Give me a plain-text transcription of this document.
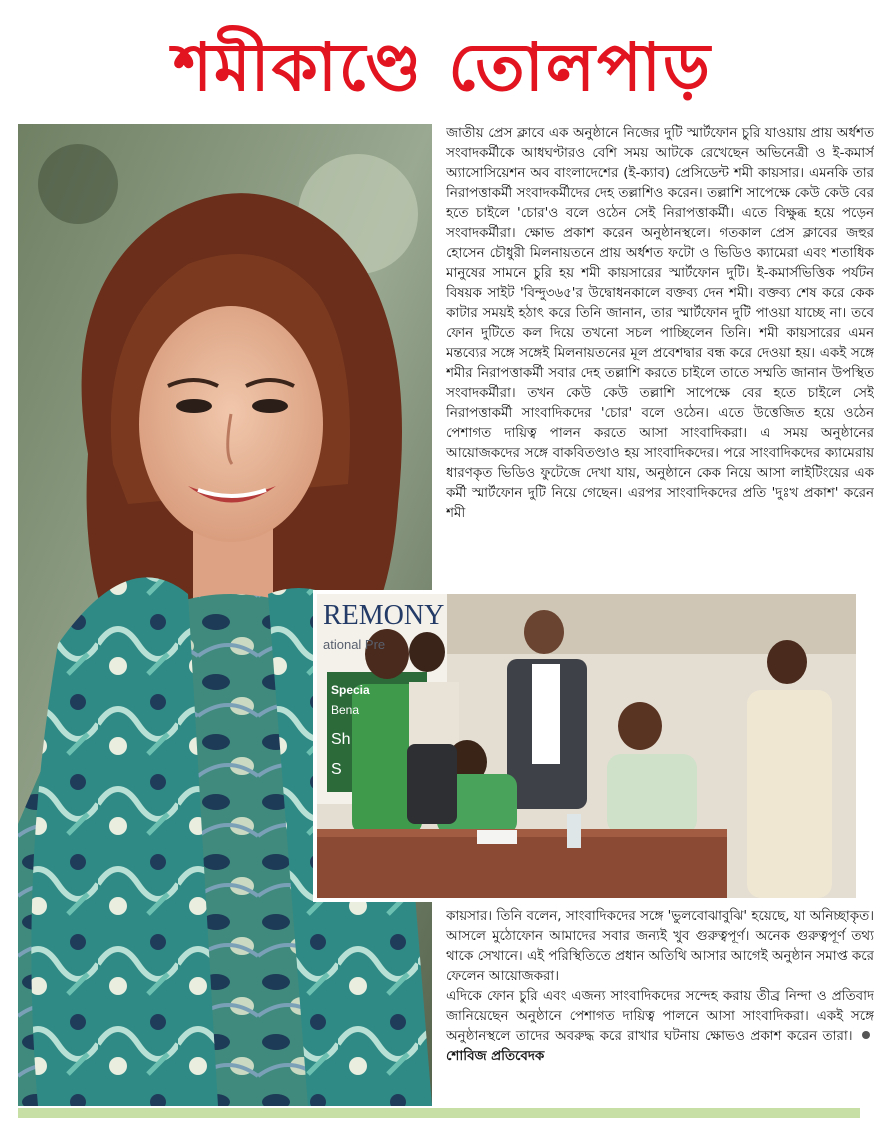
শমীকাণ্ডে তোলপাড়

জাতীয় প্রেস ক্লাবে এক অনুষ্ঠানে নিজের দুটি স্মার্টফোন চুরি যাওয়ায় প্রায় অর্ধশত সংবাদকর্মীকে আধঘণ্টারও বেশি সময় আটকে রেখেছেন অভিনেত্রী ও ই-কমার্স অ্যাসোসিয়েশন অব বাংলাদেশের (ই-ক্যাব) প্রেসিডেন্ট শমী কায়সার। এমনকি তার নিরাপত্তাকর্মী সংবাদকর্মীদের দেহ তল্লাশিও করেন। তল্লাশি সাপেক্ষে কেউ কেউ বের হতে চাইলে 'চোর'ও বলে ওঠেন সেই নিরাপত্তাকর্মী। এতে বিক্ষুব্ধ হয়ে পড়েন সংবাদকর্মীরা। ক্ষোভ প্রকাশ করেন অনুষ্ঠানস্থলে। গতকাল প্রেস ক্লাবের জহুর হোসেন চৌধুরী মিলনায়তনে প্রায় অর্ধশত ফটো ও ভিডিও ক্যামেরা এবং শতাধিক মানুষের সামনে চুরি হয় শমী কায়সারের স্মার্টফোন দুটি। ই-কমার্সভিত্তিক পর্যটন বিষয়ক সাইট 'বিন্দু৩৬৫'র উদ্বোধনকালে বক্তব্য দেন শমী। বক্তব্য শেষ করে কেক কাটার সময়ই হঠাৎ করে তিনি জানান, তার স্মার্টফোন দুটি পাওয়া যাচ্ছে না। তবে ফোন দুটিতে কল দিয়ে তখনো সচল পাচ্ছিলেন তিনি। শমী কায়সারের এমন মন্তব্যের সঙ্গে সঙ্গেই মিলনায়তনের মূল প্রবেশদ্বার বন্ধ করে দেওয়া হয়। একই সঙ্গে শমীর নিরাপত্তাকর্মী সবার দেহ তল্লাশি করতে চাইলে তাতে সম্মতি জানান উপস্থিত সংবাদকর্মীরা। তখন কেউ কেউ তল্লাশি সাপেক্ষে বের হতে চাইলে সেই নিরাপত্তাকর্মী সাংবাদিকদের 'চোর' বলে ওঠেন। এতে উত্তেজিত হয়ে ওঠেন পেশাগত দায়িত্ব পালন করতে আসা সাংবাদিকরা। এ সময় অনুষ্ঠানের আয়োজকদের সঙ্গে বাকবিতণ্ডাও হয় সাংবাদিকদের। পরে সাংবাদিকদের ক্যামেরায় ধারণকৃত ভিডিও ফুটেজে দেখা যায়, অনুষ্ঠানে কেক নিয়ে আসা লাইটিংয়ের এক কর্মী স্মার্টফোন দুটি নিয়ে গেছেন। এরপর সাংবাদিকদের প্রতি 'দুঃখ প্রকাশ' করেন শমী

REMONY
ational Pre
Specia
Bena
Sh
S

কায়সার। তিনি বলেন, সাংবাদিকদের সঙ্গে 'ভুলবোঝাবুঝি' হয়েছে, যা অনিচ্ছাকৃত। আসলে মুঠোফোন আমাদের সবার জন্যই খুব গুরুত্বপূর্ণ। অনেক গুরুত্বপূর্ণ তথ্য থাকে সেখানে। এই পরিস্থিতিতে প্রধান অতিথি আসার আগেই অনুষ্ঠান সমাপ্ত করে ফেলেন আয়োজকরা।

এদিকে ফোন চুরি এবং এজন্য সাংবাদিকদের সন্দেহ করায় তীব্র নিন্দা ও প্রতিবাদ জানিয়েছেন অনুষ্ঠানে পেশাগত দায়িত্ব পালনে আসা সাংবাদিকরা। একই সঙ্গে অনুষ্ঠানস্থলে তাদের অবরুদ্ধ করে রাখার ঘটনায় ক্ষোভও প্রকাশ করেন তারা। শোবিজ প্রতিবেদক
